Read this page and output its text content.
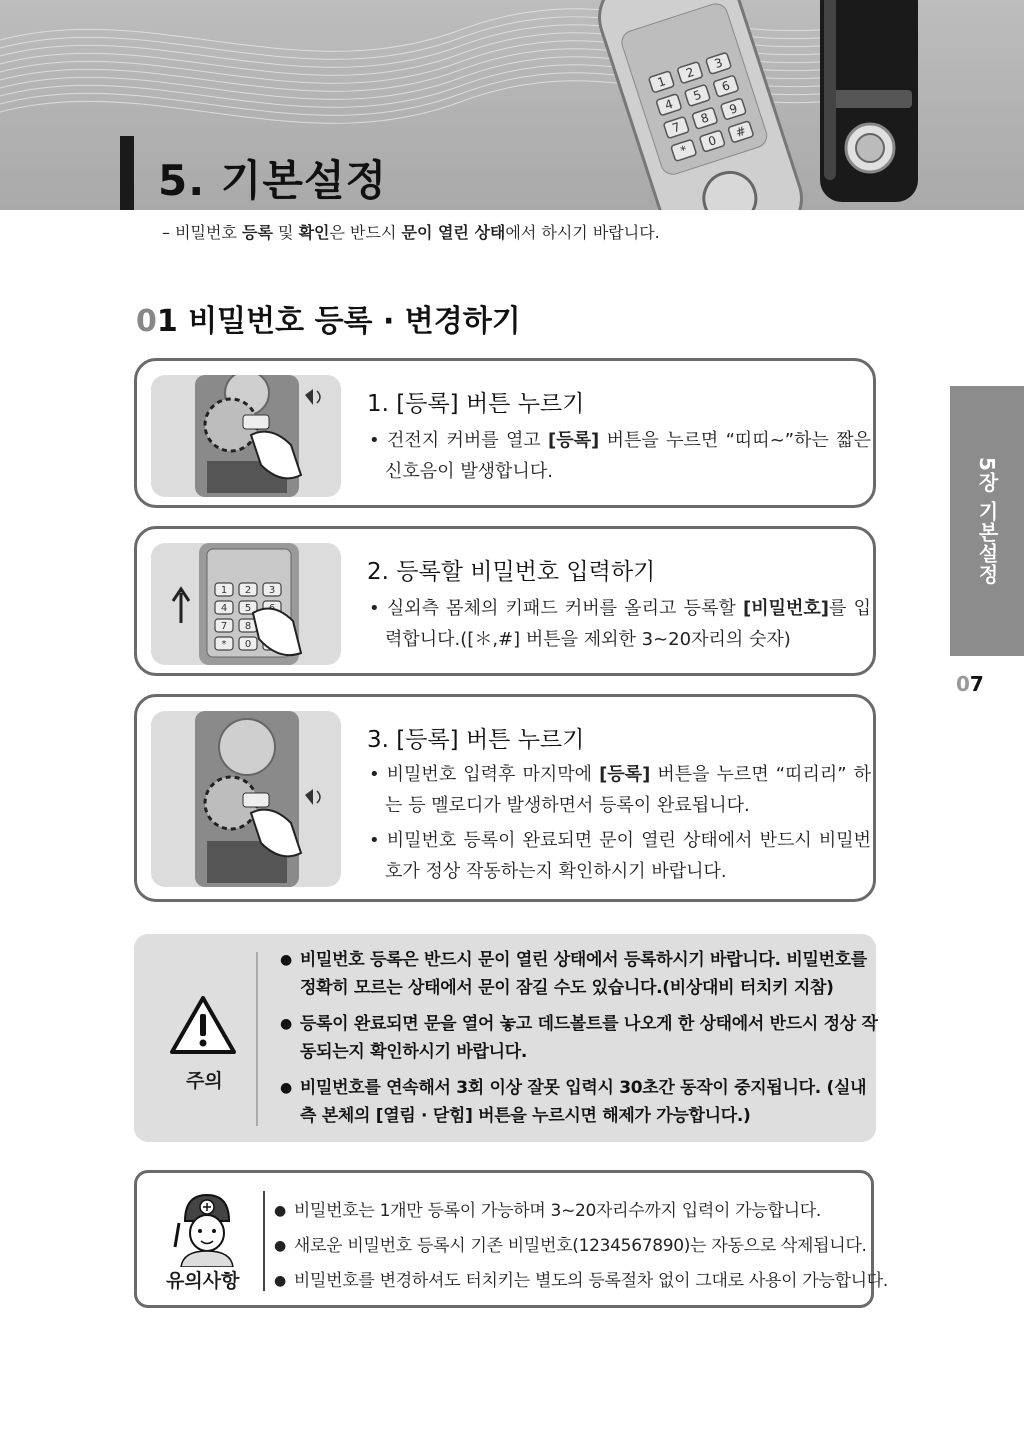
1
2
3
4
5
6
7
8
9
*
0
#
5. 기본설정
– 비밀번호 등록 및 확인은 반드시 문이 열린 상태에서 하시기 바랍니다.
01 비밀번호 등록 · 변경하기
1. [등록] 버튼 누르기
• 건전지 커버를 열고 [등록] 버튼을 누르면 “띠띠~”하는 짧은 신호음이 발생합니다.
1 2 3
4 5
7 8
* 0
2. 등록할 비밀번호 입력하기
• 실외측 몸체의 키패드 커버를 올리고 등록할 [비밀번호]를 입력합니다.([＊,#] 버튼을 제외한 3~20자리의 숫자)
3. [등록] 버튼 누르기
• 비밀번호 입력후 마지막에 [등록] 버튼을 누르면 “띠리리” 하는 등 멜로디가 발생하면서 등록이 완료됩니다.
• 비밀번호 등록이 완료되면 문이 열린 상태에서 반드시 비밀번호가 정상 작동하는지 확인하시기 바랍니다.
5장 기본설정
07
주의
● 비밀번호 등록은 반드시 문이 열린 상태에서 등록하시기 바랍니다. 비밀번호를 정확히 모르는 상태에서 문이 잠길 수도 있습니다.(비상대비 터치키 지참)
● 등록이 완료되면 문을 열어 놓고 데드볼트를 나오게 한 상태에서 반드시 정상 작동되는지 확인하시기 바랍니다.
● 비밀번호를 연속해서 3회 이상 잘못 입력시 30초간 동작이 중지됩니다. (실내측 본체의 [열림 · 닫힘] 버튼을 누르시면 해제가 가능합니다.)
유의사항
● 비밀번호는 1개만 등록이 가능하며 3~20자리수까지 입력이 가능합니다.
● 새로운 비밀번호 등록시 기존 비밀번호(1234567890)는 자동으로 삭제됩니다.
● 비밀번호를 변경하셔도 터치키는 별도의 등록절차 없이 그대로 사용이 가능합니다.
